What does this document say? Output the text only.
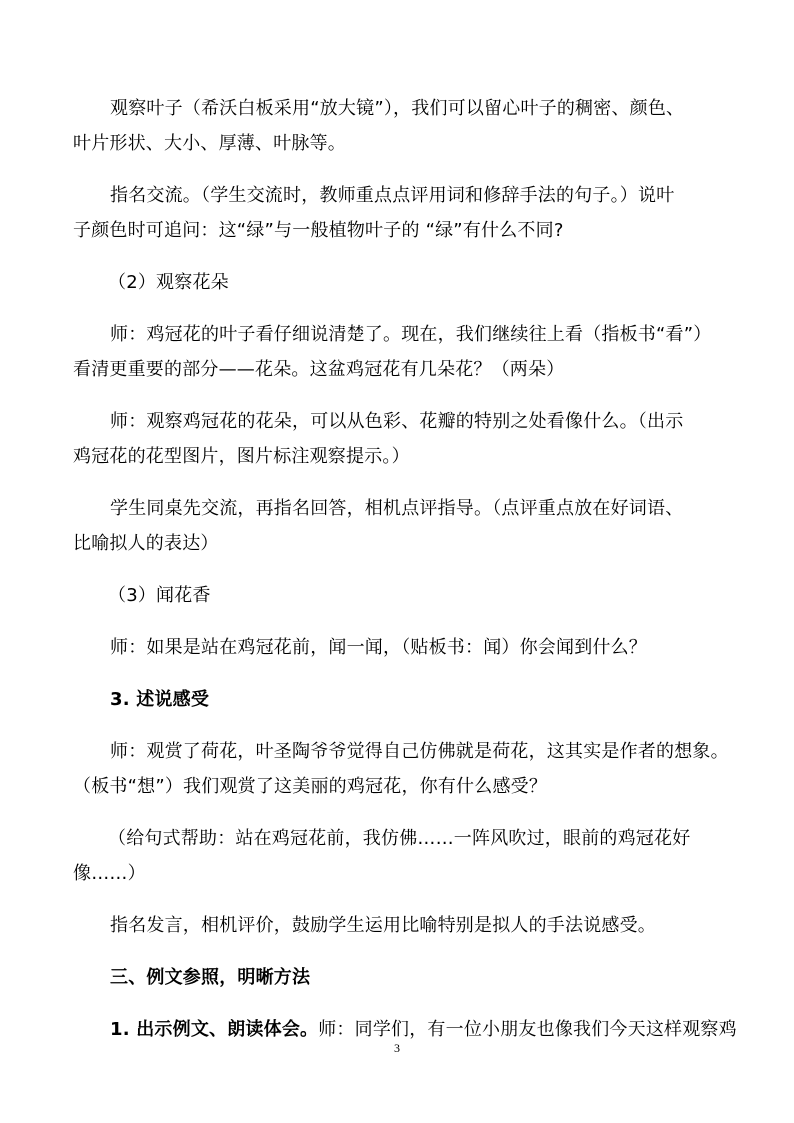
观察叶子（希沃白板采用“放大镜”），我们可以留心叶子的稠密、颜色、
叶片形状、大小、厚薄、叶脉等。
指名交流。（学生交流时，教师重点点评用词和修辞手法的句子。）说叶
子颜色时可追问：这“绿”与一般植物叶子的 “绿”有什么不同?
（2）观察花朵
师：鸡冠花的叶子看仔细说清楚了。现在，我们继续往上看（指板书“看”）
看清更重要的部分——花朵。这盆鸡冠花有几朵花？（两朵）
师：观察鸡冠花的花朵，可以从色彩、花瓣的特别之处看像什么。（出示
鸡冠花的花型图片，图片标注观察提示。）
学生同桌先交流，再指名回答，相机点评指导。（点评重点放在好词语、
比喻拟人的表达）
（3）闻花香
师：如果是站在鸡冠花前，闻一闻，（贴板书：闻）你会闻到什么？
3. 述说感受
师：观赏了荷花，叶圣陶爷爷觉得自己仿佛就是荷花，这其实是作者的想象。
（板书“想”）我们观赏了这美丽的鸡冠花，你有什么感受？
（给句式帮助：站在鸡冠花前，我仿佛……一阵风吹过，眼前的鸡冠花好
像……）
指名发言，相机评价，鼓励学生运用比喻特别是拟人的手法说感受。
三、例文参照，明晰方法
1. 出示例文、朗读体会。师：同学们，有一位小朋友也像我们今天这样观察鸡
3
